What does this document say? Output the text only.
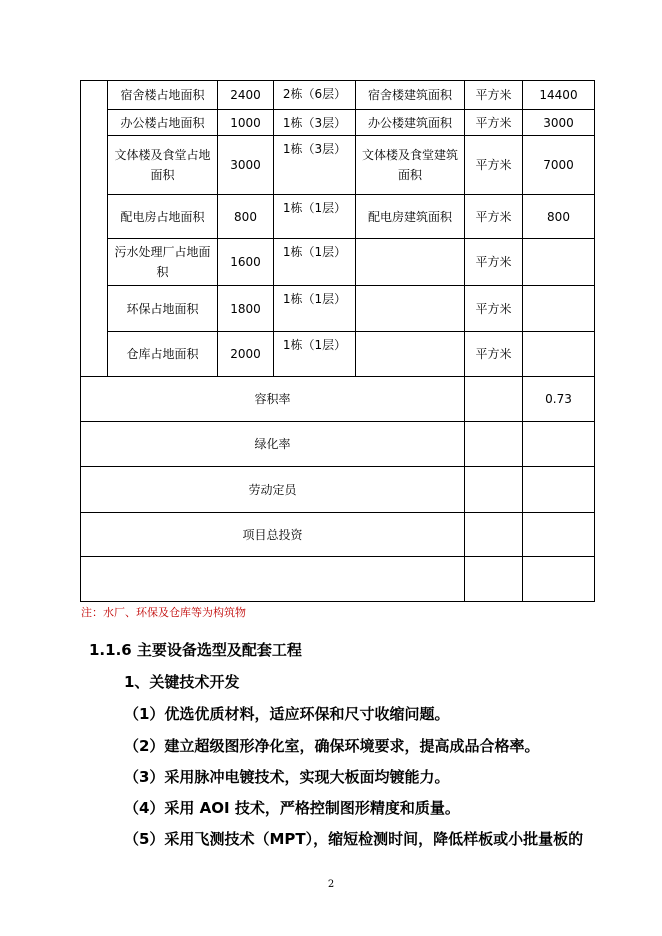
	宿舍楼占地面积	2400	2栋（6层）	宿舍楼建筑面积	平方米	14400
	办公楼占地面积	1000	1栋（3层）	办公楼建筑面积	平方米	3000
	文体楼及食堂占地面积	3000	1栋（3层）	文体楼及食堂建筑面积	平方米	7000
	配电房占地面积	800	1栋（1层）	配电房建筑面积	平方米	800
	污水处理厂占地面积	1600	1栋（1层）		平方米	
	环保占地面积	1800	1栋（1层）		平方米	
	仓库占地面积	2000	1栋（1层）		平方米	
容积率						0.73
绿化率						
劳动定员						
项目总投资						

注：水厂、环保及仓库等为构筑物
1.1.6 主要设备选型及配套工程
1、关键技术开发
（1）优选优质材料，适应环保和尺寸收缩问题。
（2）建立超级图形净化室，确保环境要求，提高成品合格率。
（3）采用脉冲电镀技术，实现大板面均镀能力。
（4）采用 AOI 技术，严格控制图形精度和质量。
（5）采用飞测技术（MPT），缩短检测时间，降低样板或小批量板的
2
